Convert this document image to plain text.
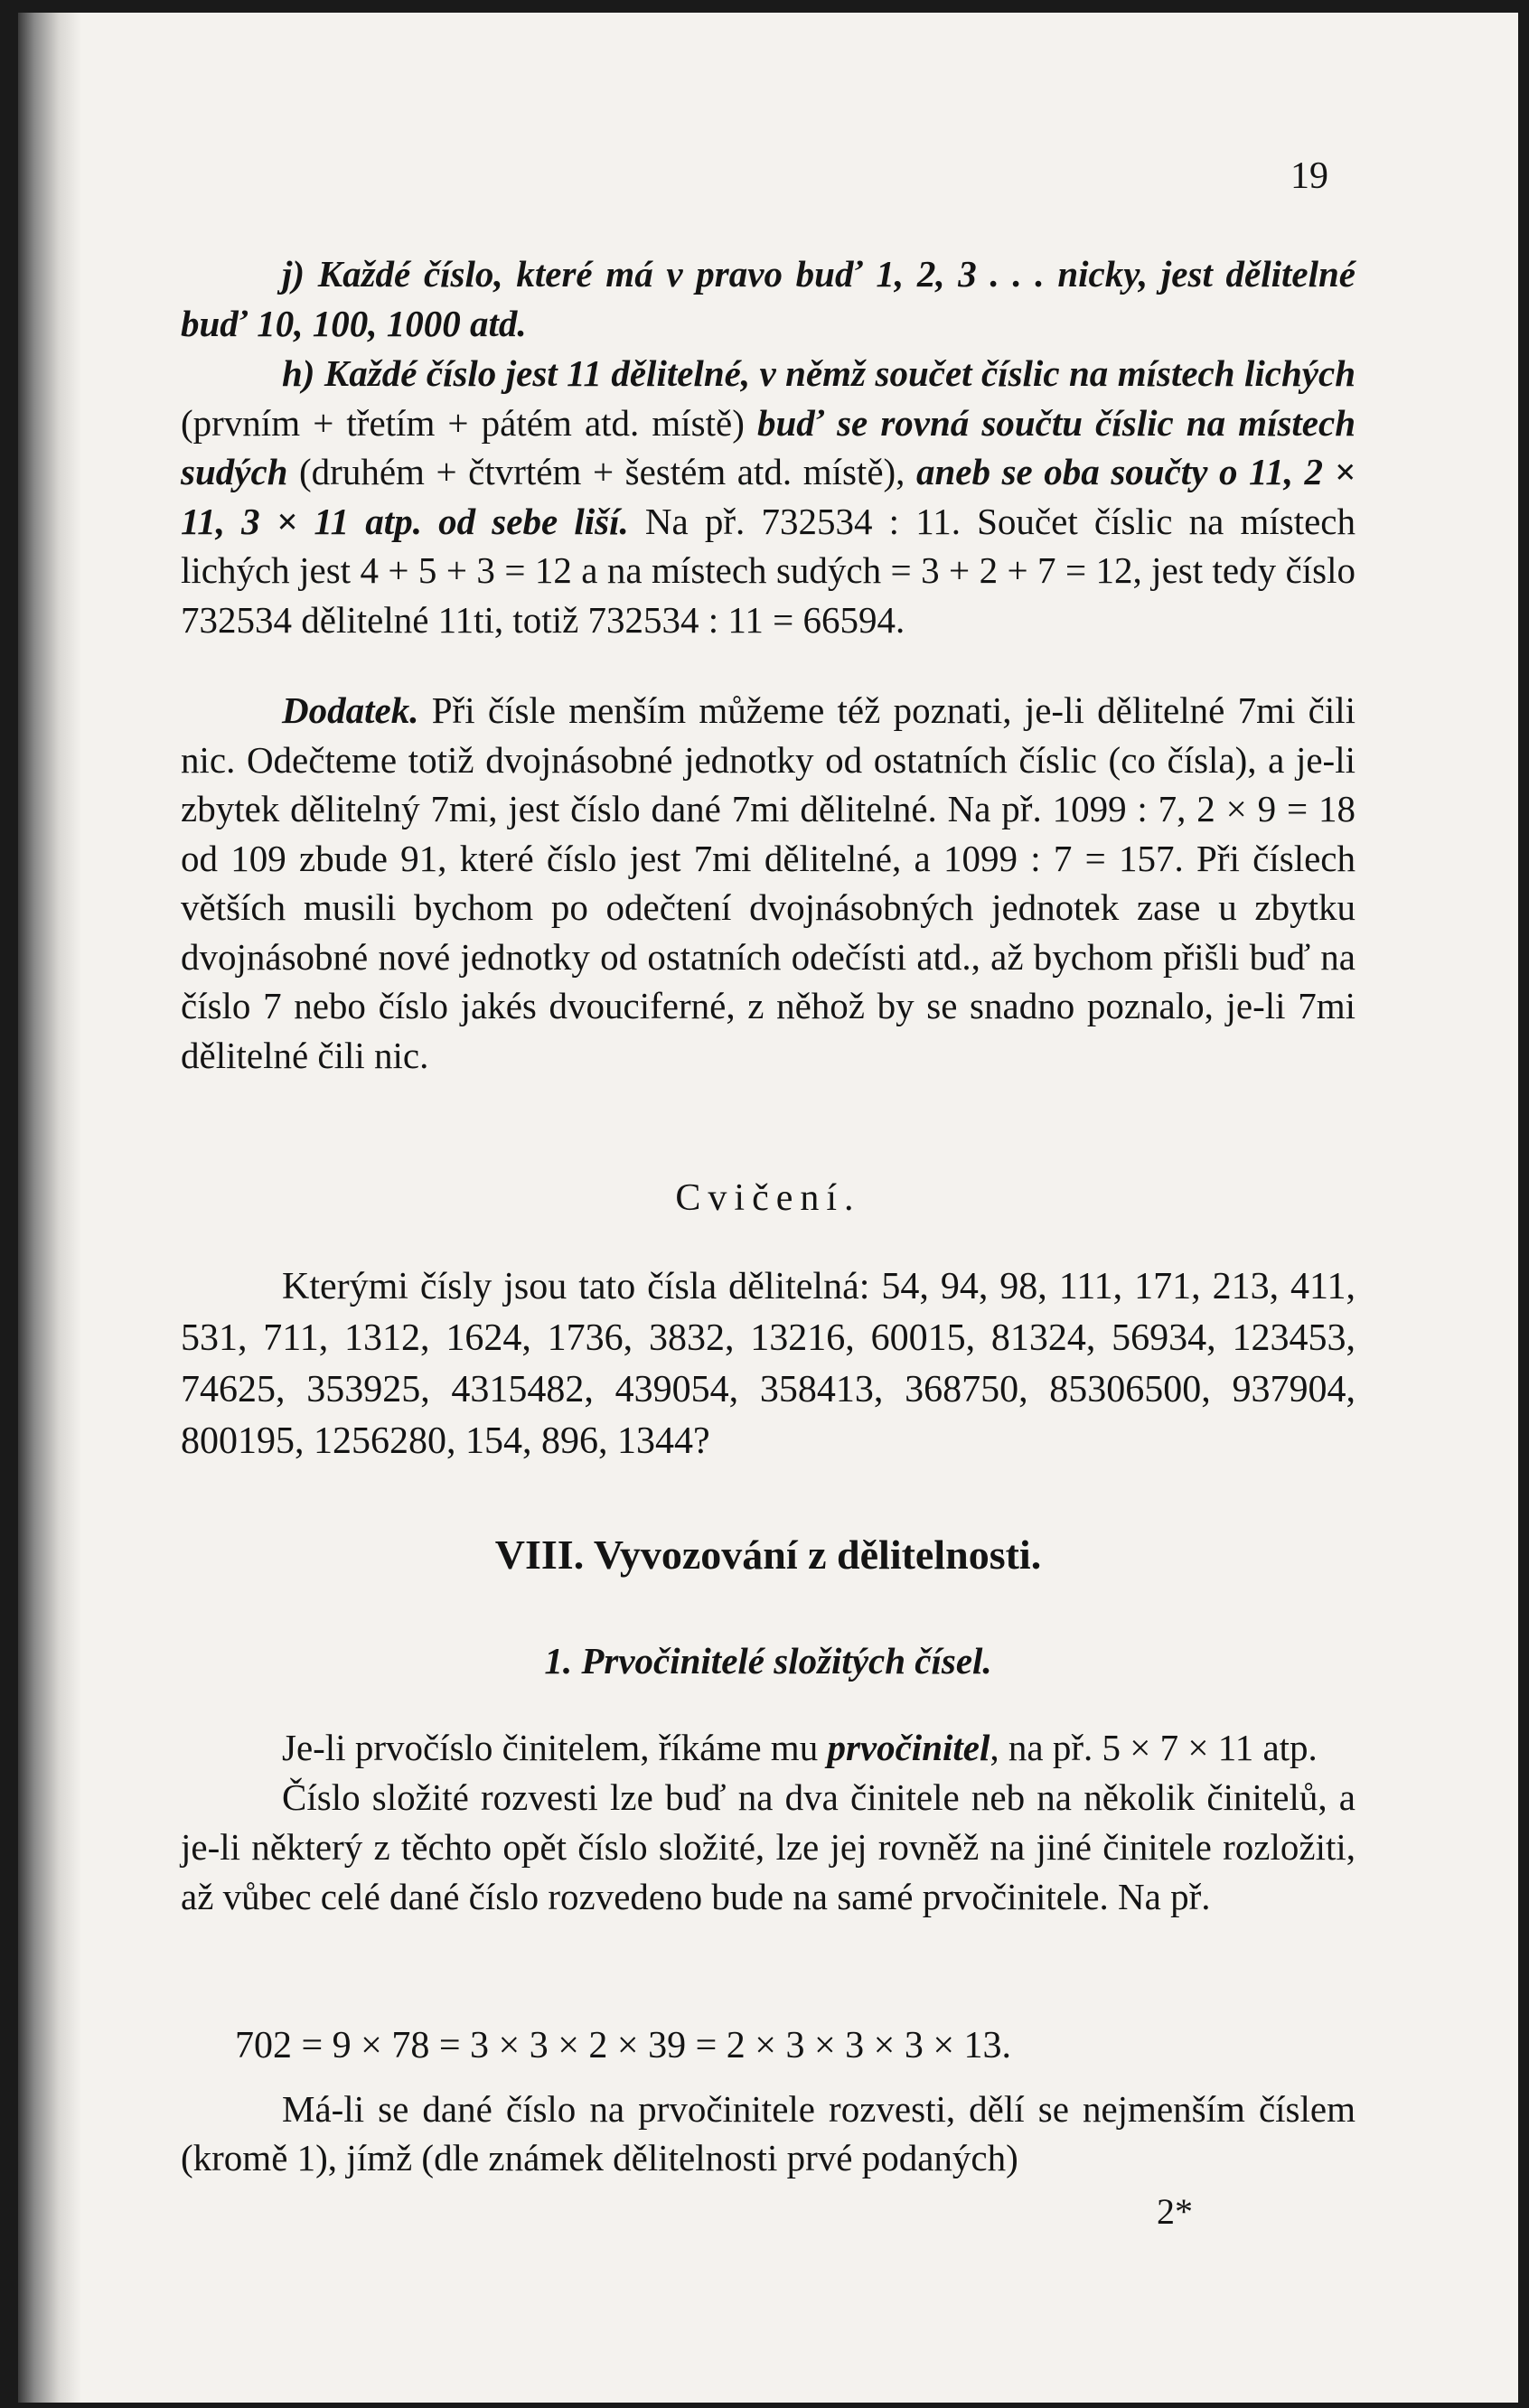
19

j) Každé číslo, které má v pravo buď 1, 2, 3 . . . nicky, jest dělitelné buď 10, 100, 1000 atd.

h) Každé číslo jest 11 dělitelné, v němž součet číslic na místech lichých (prvním + třetím + pátém atd. místě) buď se rovná součtu číslic na místech sudých (druhém + čtvrtém + šestém atd. místě), aneb se oba součty o 11, 2 × 11, 3 × 11 atp. od sebe liší. Na př. 732534 : 11. Součet číslic na místech lichých jest 4 + 5 + 3 = 12 a na místech sudých = 3 + 2 + 7 = 12, jest tedy číslo 732534 dělitelné 11ti, totiž 732534 : 11 = 66594.

Dodatek. Při čísle menším můžeme též poznati, je-li dělitelné 7mi čili nic. Odečteme totiž dvojnásobné jednotky od ostatních číslic (co čísla), a je-li zbytek dělitelný 7mi, jest číslo dané 7mi dělitelné. Na př. 1099 : 7, 2 × 9 = 18 od 109 zbude 91, které číslo jest 7mi dělitelné, a 1099 : 7 = 157. Při číslech větších musili bychom po odečtení dvojnásobných jednotek zase u zbytku dvojnásobné nové jednotky od ostatních odečísti atd., až bychom přišli buď na číslo 7 nebo číslo jakés dvouciferné, z něhož by se snadno poznalo, je-li 7mi dělitelné čili nic.

Cvičení.

Kterými čísly jsou tato čísla dělitelná: 54, 94, 98, 111, 171, 213, 411, 531, 711, 1312, 1624, 1736, 3832, 13216, 60015, 81324, 56934, 123453, 74625, 353925, 4315482, 439054, 358413, 368750, 85306500, 937904, 800195, 1256280, 154, 896, 1344?

VIII. Vyvozování z dělitelnosti.
1. Prvočinitelé složitých čísel.

Je-li prvočíslo činitelem, říkáme mu prvočinitel, na př. 5 × 7 × 11 atp.

Číslo složité rozvesti lze buď na dva činitele neb na několik činitelů, a je-li některý z těchto opět číslo složité, lze jej rovněž na jiné činitele rozložiti, až vůbec celé dané číslo rozvedeno bude na samé prvočinitele. Na př.

702 = 9 × 78 = 3 × 3 × 2 × 39 = 2 × 3 × 3 × 3 × 13.

Má-li se dané číslo na prvočinitele rozvesti, dělí se nejmenším číslem (kromě 1), jímž (dle známek dělitelnosti prvé podaných)

2*
